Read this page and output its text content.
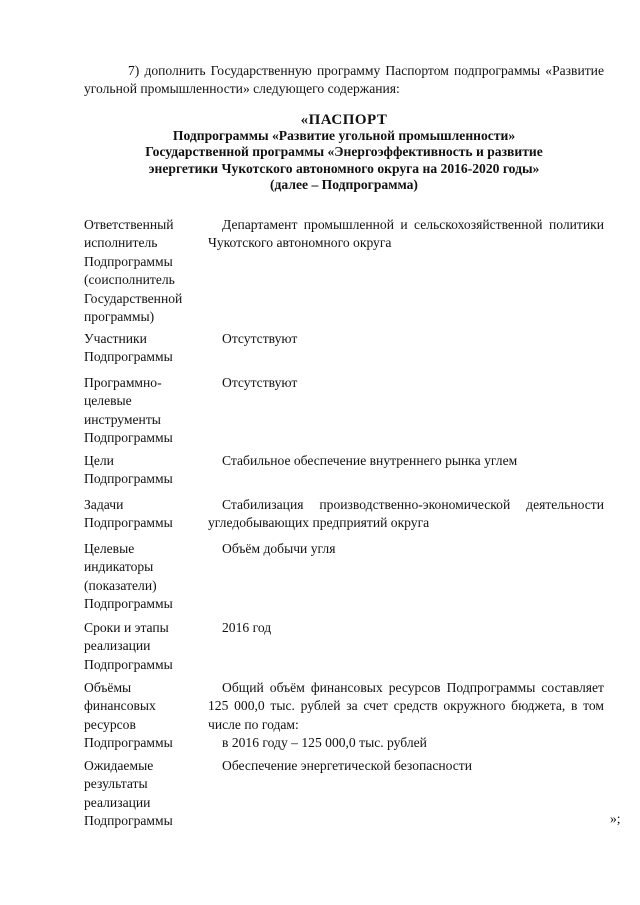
7) дополнить Государственную программу Паспортом подпрограммы «Развитие угольной промышленности» следующего содержания:

«ПАСПОРТ
Подпрограммы «Развитие угольной промышленности»
Государственной программы «Энергоэффективность и развитие
энергетики Чукотского автономного округа на 2016-2020 годы»
(далее – Подпрограмма)
Ответственный исполнитель Подпрограммы (соисполнитель Государственной программы)
Департамент промышленной и сельскохозяйственной политики Чукотского автономного округа
Участники Подпрограммы
Отсутствуют
Программно-целевые инструменты Подпрограммы
Отсутствуют
Цели Подпрограммы
Стабильное обеспечение внутреннего рынка углем
Задачи Подпрограммы
Стабилизация производственно-экономической деятельности угледобывающих предприятий округа
Целевые индикаторы (показатели) Подпрограммы
Объём добычи угля
Сроки и этапы реализации Подпрограммы
2016 год
Объёмы финансовых ресурсов Подпрограммы

Общий объём финансовых ресурсов Подпрограммы составляет 125 000,0 тыс. рублей за счет средств окружного бюджета, в том числе по годам:

в 2016 году – 125 000,0 тыс. рублей

Ожидаемые результаты реализации Подпрограммы
Обеспечение энергетической безопасности
»;
